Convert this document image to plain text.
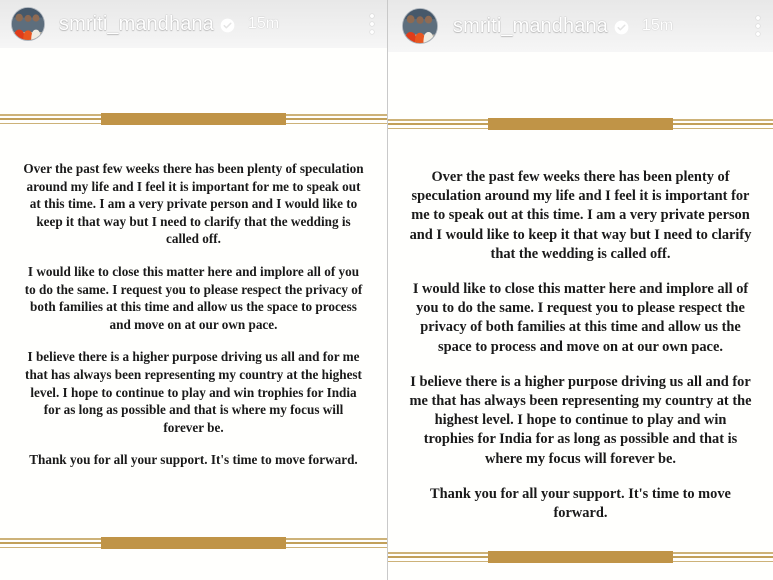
smriti_mandhana 15m

Over the past few weeks there has been plenty of speculation around my life and I feel it is important for me to speak out at this time. I am a very private person and I would like to keep it that way but I need to clarify that the wedding is called off.

I would like to close this matter here and implore all of you to do the same. I request you to please respect the privacy of both families at this time and allow us the space to process and move on at our own pace.

I believe there is a higher purpose driving us all and for me that has always been representing my country at the highest level. I hope to continue to play and win trophies for India for as long as possible and that is where my focus will forever be.

Thank you for all your support. It's time to move forward.

smriti_mandhana 15m

Over the past few weeks there has been plenty of speculation around my life and I feel it is important for me to speak out at this time. I am a very private person and I would like to keep it that way but I need to clarify that the wedding is called off.

I would like to close this matter here and implore all of you to do the same. I request you to please respect the privacy of both families at this time and allow us the space to process and move on at our own pace.

I believe there is a higher purpose driving us all and for me that has always been representing my country at the highest level. I hope to continue to play and win trophies for India for as long as possible and that is where my focus will forever be.

Thank you for all your support. It's time to move forward.
